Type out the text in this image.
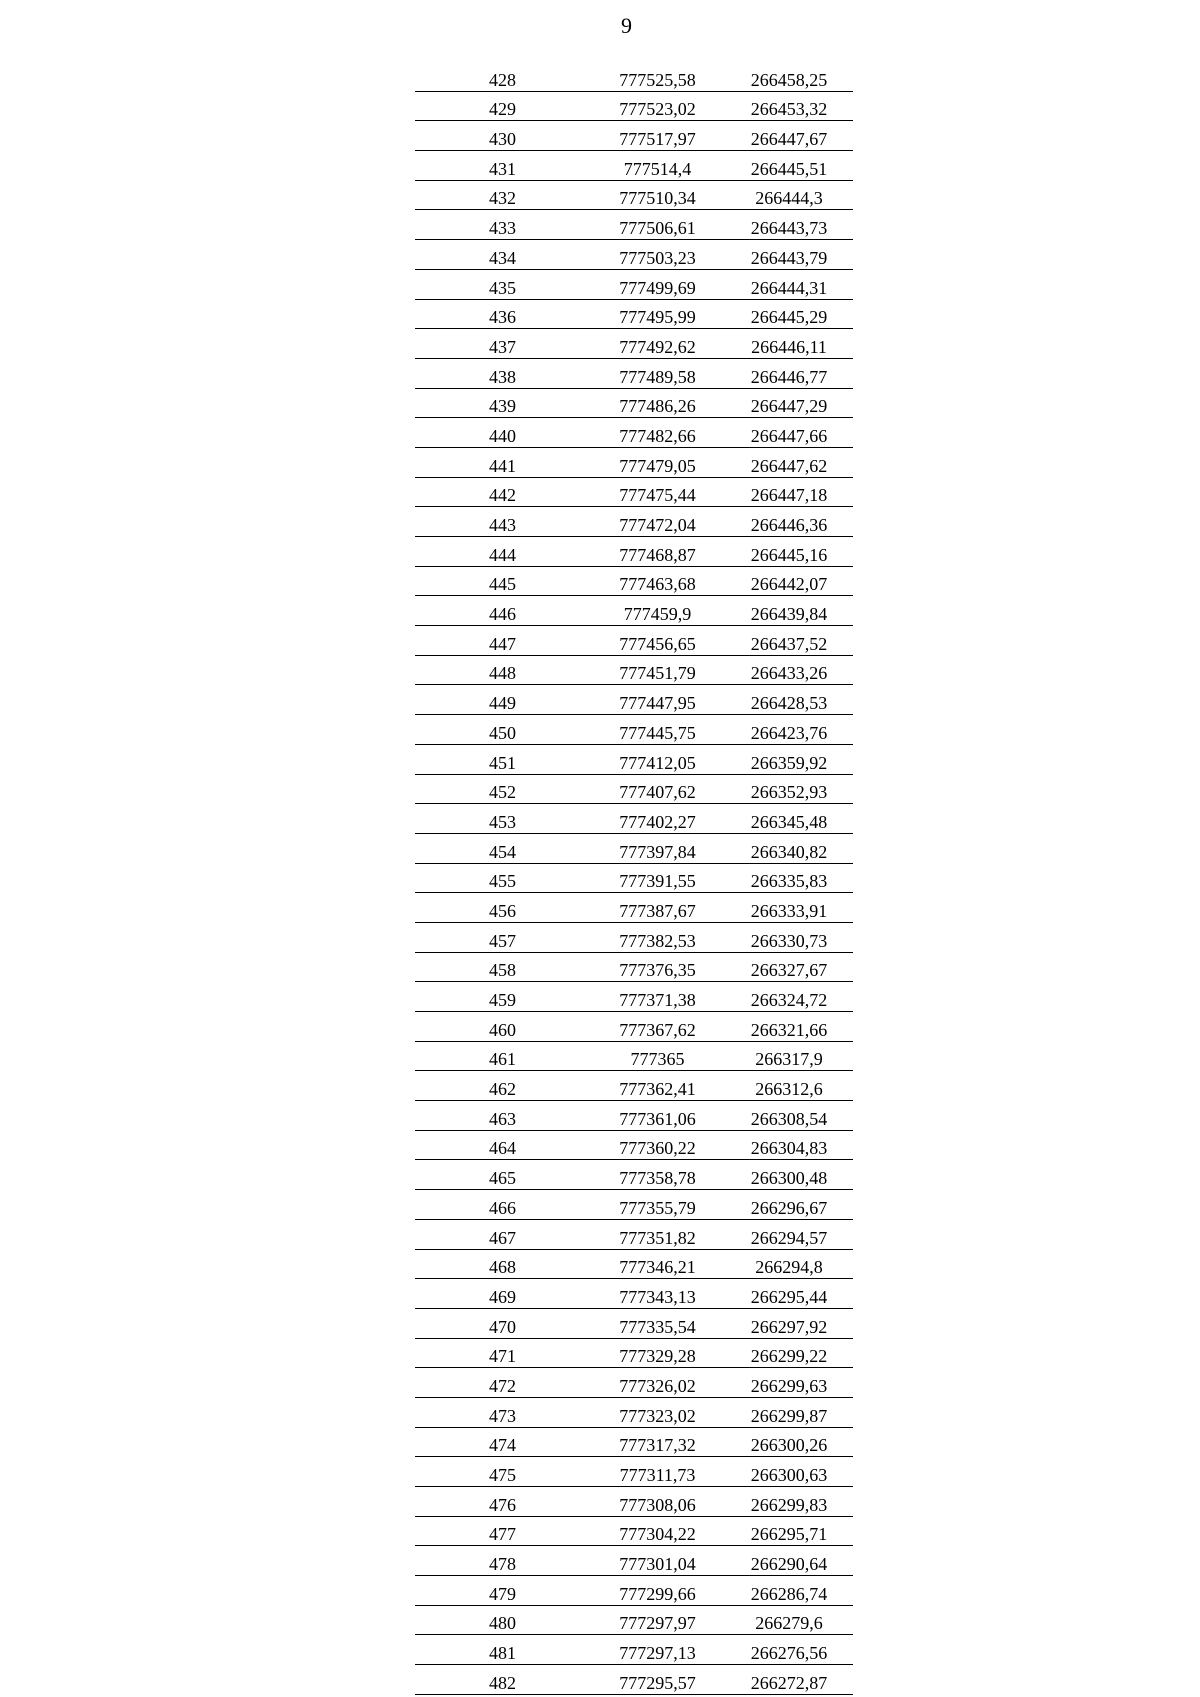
9
428	777525,58	266458,25
429	777523,02	266453,32
430	777517,97	266447,67
431	777514,4	266445,51
432	777510,34	266444,3
433	777506,61	266443,73
434	777503,23	266443,79
435	777499,69	266444,31
436	777495,99	266445,29
437	777492,62	266446,11
438	777489,58	266446,77
439	777486,26	266447,29
440	777482,66	266447,66
441	777479,05	266447,62
442	777475,44	266447,18
443	777472,04	266446,36
444	777468,87	266445,16
445	777463,68	266442,07
446	777459,9	266439,84
447	777456,65	266437,52
448	777451,79	266433,26
449	777447,95	266428,53
450	777445,75	266423,76
451	777412,05	266359,92
452	777407,62	266352,93
453	777402,27	266345,48
454	777397,84	266340,82
455	777391,55	266335,83
456	777387,67	266333,91
457	777382,53	266330,73
458	777376,35	266327,67
459	777371,38	266324,72
460	777367,62	266321,66
461	777365	266317,9
462	777362,41	266312,6
463	777361,06	266308,54
464	777360,22	266304,83
465	777358,78	266300,48
466	777355,79	266296,67
467	777351,82	266294,57
468	777346,21	266294,8
469	777343,13	266295,44
470	777335,54	266297,92
471	777329,28	266299,22
472	777326,02	266299,63
473	777323,02	266299,87
474	777317,32	266300,26
475	777311,73	266300,63
476	777308,06	266299,83
477	777304,22	266295,71
478	777301,04	266290,64
479	777299,66	266286,74
480	777297,97	266279,6
481	777297,13	266276,56
482	777295,57	266272,87
